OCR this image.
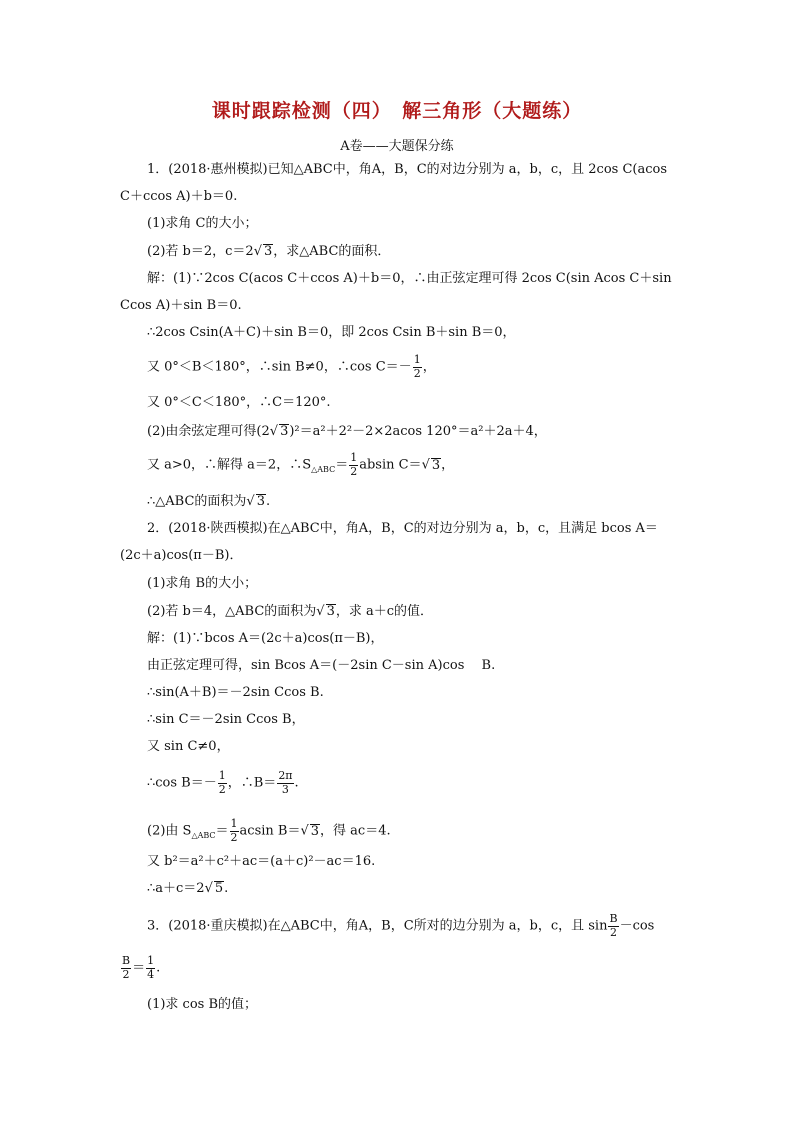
课时跟踪检测（四）　解三角形（大题练）
A卷——大题保分练
1．(2018·惠州模拟)已知△ABC中，角A，B，C的对边分别为 a，b，c，且 2cos C(acos
C＋ccos A)＋b＝0.
(1)求角 C的大小；
(2)若 b＝2，c＝2√ 3，求△ABC的面积．
解：(1)∵2cos C(acos C＋ccos A)＋b＝0，∴由正弦定理可得 2cos C(sin Acos C＋sin
Ccos A)＋sin B＝0.
∴2cos Csin(A＋C)＋sin B＝0，即 2cos Csin B＋sin B＝0，
又 0°＜B＜180°，∴sin B≠0，∴cos $C=- \frac{1}{2}$ ，
又 0°＜C＜180°，∴C＝120°.
(2)由余弦定理可得(2√ 3)²＝a²＋2²－2×2acos 120°＝a²＋2a＋4，
又 a>0，∴解得 a＝2，$\therefore S_{\triangle ABC}= \frac{1}{2}$ absin C＝√ 3，
∴△ABC的面积为√ 3.
2．(2018·陕西模拟)在△ABC中，角A，B，C的对边分别为 a，b，c，且满足 bcos A＝
(2c＋a)cos(π－B)．
(1)求角 B的大小；
(2)若 b＝4，△ABC的面积为√ 3，求 a＋c的值．
解：(1)∵bcos A＝(2c＋a)cos(π－B)，
由正弦定理可得，sin Bcos A＝(－2sin C－sin A)cos　 B.
∴sin(A＋B)＝－2sin Ccos B.
∴sin C＝－2sin Ccos B，
又 sin C≠0，
∴cos $B=- \frac{1}{2}$ ，∴B＝ $\frac{2\pi}{3}$ .
(2)由 $S_{\triangle ABC}= \frac{1}{2}$ acsin B＝√ 3，得 ac＝4.
又 b²＝a²＋c²＋ac＝(a＋c)²－ac＝16.
∴a＋c＝2√ 5.
3．(2018·重庆模拟)在△ABC中，角A，B，C所对的边分别为 a，b，c，且 $\sin \frac{B}{2} -\cos$
$\frac{B}{2} = \frac{1}{4}$ .
(1)求 cos B的值；
